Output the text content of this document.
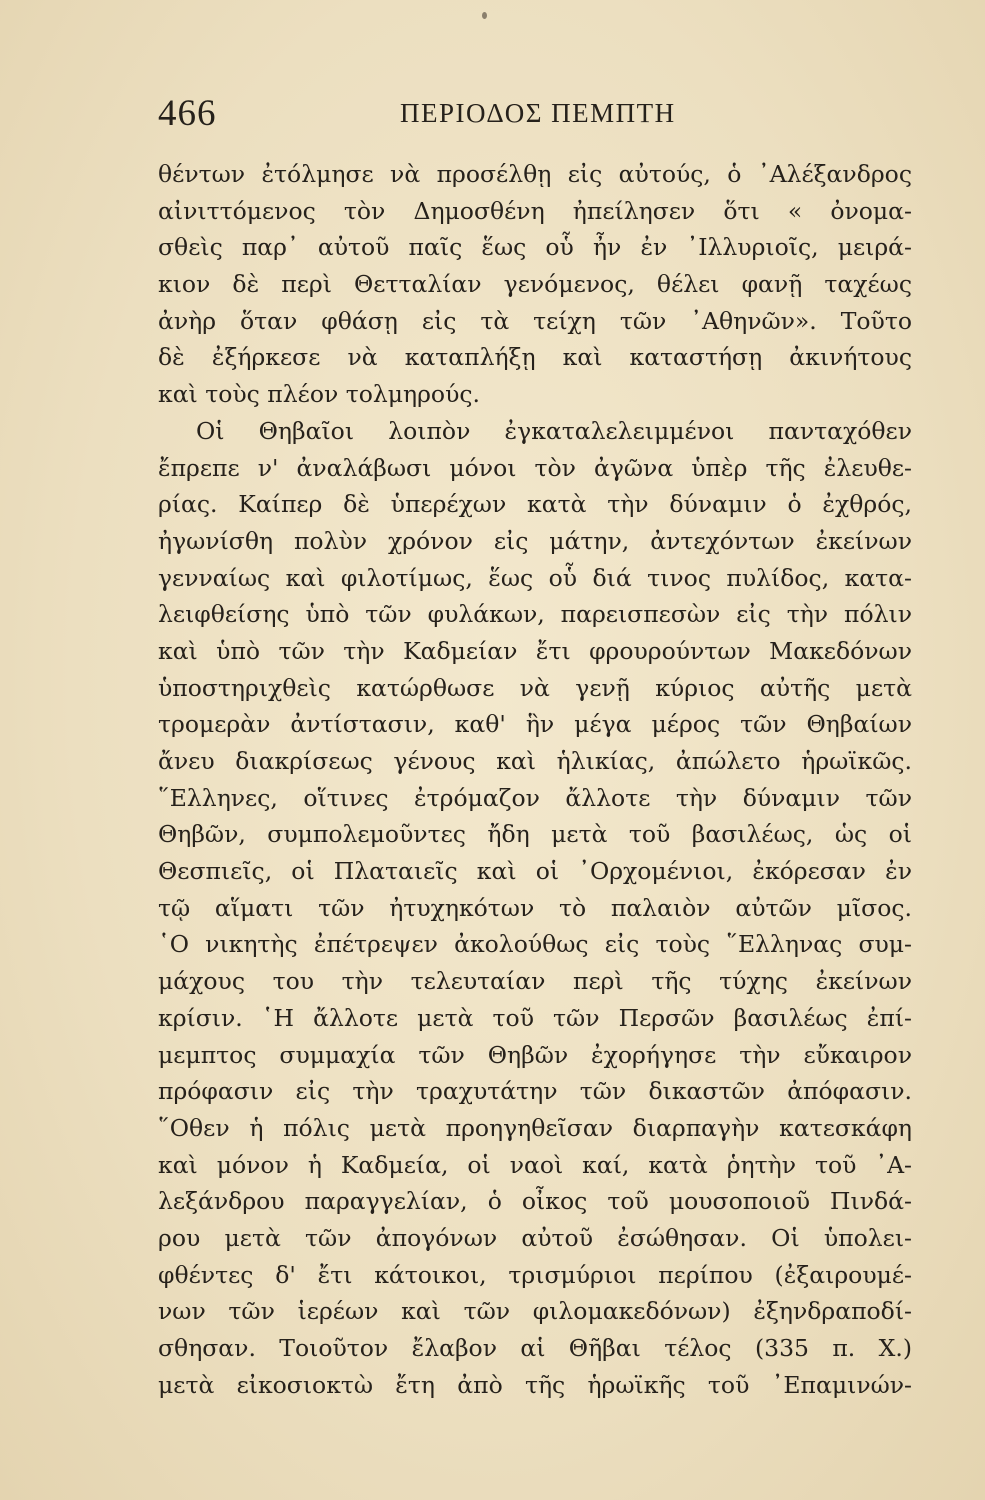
466	ΠΕΡΙΟΔΟΣ ΠΕΜΠΤΗ
θέντων ἐτόλμησε νὰ προσέλθῃ εἰς αὐτούς, ὁ ᾿Αλέξανδρος
αἰνιττόμενος τὸν Δημοσθένη ἠπείλησεν ὅτι « ὀνομα-
σθεὶς παρ᾿ αὐτοῦ παῖς ἕως οὗ ἦν ἐν ᾿Ιλλυριοῖς, μειρά-
κιον δὲ περὶ Θετταλίαν γενόμενος, θέλει φανῇ ταχέως
ἀνὴρ ὅταν φθάσῃ εἰς τὰ τείχη τῶν ᾿Αθηνῶν». Τοῦτο
δὲ ἐξήρκεσε νὰ καταπλήξῃ καὶ καταστήσῃ ἀκινήτους
καὶ τοὺς πλέον τολμηρούς.
Οἱ Θηβαῖοι λοιπὸν ἐγκαταλελειμμένοι πανταχόθεν
ἔπρεπε ν' ἀναλάβωσι μόνοι τὸν ἀγῶνα ὑπὲρ τῆς ἐλευθε-
ρίας. Καίπερ δὲ ὑπερέχων κατὰ τὴν δύναμιν ὁ ἐχθρός,
ἠγωνίσθη πολὺν χρόνον εἰς μάτην, ἀντεχόντων ἐκείνων
γενναίως καὶ φιλοτίμως, ἕως οὗ διά τινος πυλίδος, κατα-
λειφθείσης ὑπὸ τῶν φυλάκων, παρεισπεσὼν εἰς τὴν πόλιν
καὶ ὑπὸ τῶν τὴν Καδμείαν ἔτι φρουρούντων Μακεδόνων
ὑποστηριχθεὶς κατώρθωσε νὰ γενῇ κύριος αὐτῆς μετὰ
τρομερὰν ἀντίστασιν, καθ' ἣν μέγα μέρος τῶν Θηβαίων
ἄνευ διακρίσεως γένους καὶ ἡλικίας, ἀπώλετο ἡρωϊκῶς.
῞Ελληνες, οἵτινες ἐτρόμαζον ἄλλοτε τὴν δύναμιν τῶν
Θηβῶν, συμπολεμοῦντες ἤδη μετὰ τοῦ βασιλέως, ὡς οἱ
Θεσπιεῖς, οἱ Πλαταιεῖς καὶ οἱ ᾿Ορχομένιοι, ἐκόρεσαν ἐν
τῷ αἵματι τῶν ἠτυχηκότων τὸ παλαιὸν αὐτῶν μῖσος.
῾Ο νικητὴς ἐπέτρεψεν ἀκολούθως εἰς τοὺς ῞Ελληνας συμ-
μάχους του τὴν τελευταίαν περὶ τῆς τύχης ἐκείνων
κρίσιν. ῾Η ἄλλοτε μετὰ τοῦ τῶν Περσῶν βασιλέως ἐπί-
μεμπτος συμμαχία τῶν Θηβῶν ἐχορήγησε τὴν εὔκαιρον
πρόφασιν εἰς τὴν τραχυτάτην τῶν δικαστῶν ἀπόφασιν.
῞Οθεν ἡ πόλις μετὰ προηγηθεῖσαν διαρπαγὴν κατεσκάφη
καὶ μόνον ἡ Καδμεία, οἱ ναοὶ καί, κατὰ ῥητὴν τοῦ ᾿Α-
λεξάνδρου παραγγελίαν, ὁ οἶκος τοῦ μουσοποιοῦ Πινδά-
ρου μετὰ τῶν ἀπογόνων αὐτοῦ ἐσώθησαν. Οἱ ὑπολει-
φθέντες δ' ἔτι κάτοικοι, τρισμύριοι περίπου (ἐξαιρουμέ-
νων τῶν ἱερέων καὶ τῶν φιλομακεδόνων) ἐξηνδραποδί-
σθησαν. Τοιοῦτον ἔλαβον αἱ Θῆβαι τέλος (335 π. Χ.)
μετὰ εἰκοσιοκτὼ ἔτη ἀπὸ τῆς ἡρωϊκῆς τοῦ ᾿Επαμινών-
